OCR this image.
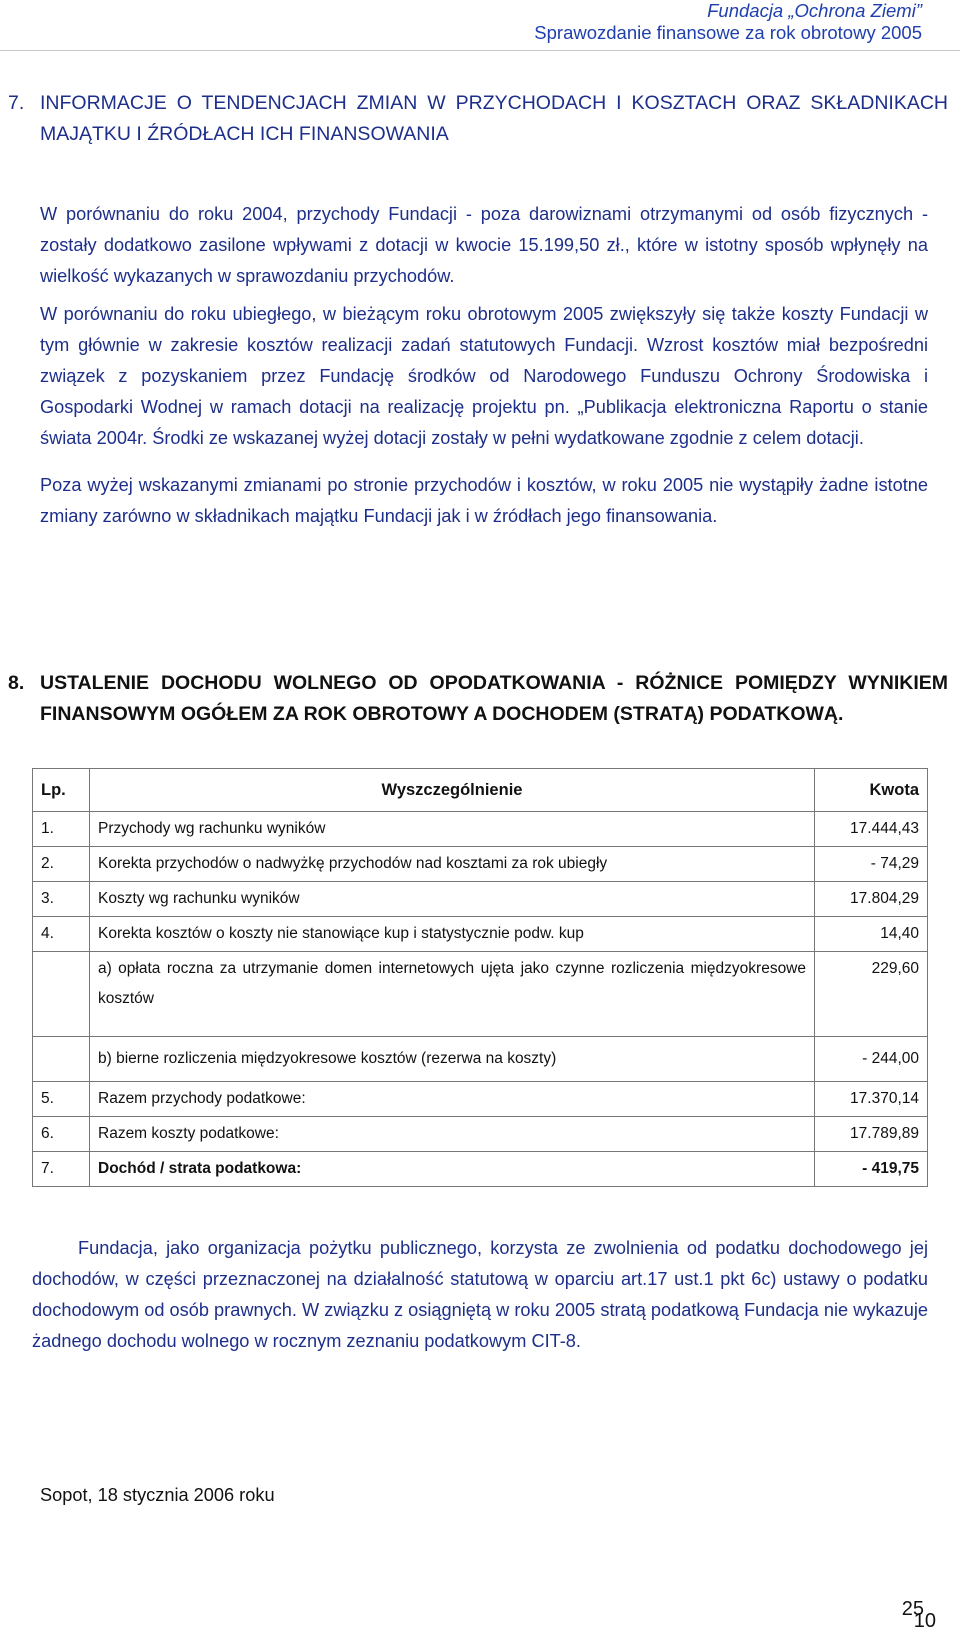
Fundacja „Ochrona Ziemi”
Sprawozdanie finansowe za rok obrotowy 2005
7. INFORMACJE O TENDENCJACH ZMIAN W PRZYCHODACH I KOSZTACH ORAZ SKŁADNIKACH MAJĄTKU I ŹRÓDŁACH ICH FINANSOWANIA
W porównaniu do roku 2004, przychody Fundacji - poza darowiznami otrzymanymi od osób fizycznych - zostały dodatkowo zasilone wpływami z dotacji w kwocie 15.199,50 zł., które w istotny sposób wpłynęły na wielkość wykazanych w sprawozdaniu przychodów.
W porównaniu do roku ubiegłego, w bieżącym roku obrotowym 2005 zwiększyły się także koszty Fundacji w tym głównie w zakresie kosztów realizacji zadań statutowych Fundacji. Wzrost kosztów miał bezpośredni związek z pozyskaniem przez Fundację środków od Narodowego Funduszu Ochrony Środowiska i Gospodarki Wodnej w ramach dotacji na realizację projektu pn. „Publikacja elektroniczna Raportu o stanie świata 2004r. Środki ze wskazanej wyżej dotacji zostały w pełni wydatkowane zgodnie z celem dotacji.
Poza wyżej wskazanymi zmianami po stronie przychodów i kosztów, w roku 2005 nie wystąpiły żadne istotne zmiany zarówno w składnikach majątku Fundacji jak i w źródłach jego finansowania.
8. USTALENIE DOCHODU WOLNEGO OD OPODATKOWANIA - RÓŻNICE POMIĘDZY WYNIKIEM FINANSOWYM OGÓŁEM ZA ROK OBROTOWY A DOCHODEM (STRATĄ) PODATKOWĄ.
Lp.	Wyszczególnienie	Kwota
1.	Przychody wg rachunku wyników	17.444,43
2.	Korekta przychodów o nadwyżkę przychodów nad kosztami za rok ubiegły	- 74,29
3.	Koszty wg rachunku wyników	17.804,29
4.	Korekta kosztów o koszty nie stanowiące kup i statystycznie podw. kup	14,40
	a) opłata roczna za utrzymanie domen internetowych ujęta jako czynne rozliczenia międzyokresowe kosztów	229,60
	b) bierne rozliczenia międzyokresowe kosztów (rezerwa na koszty)	- 244,00
5.	Razem przychody podatkowe:	17.370,14
6.	Razem koszty podatkowe:	17.789,89
7.	Dochód / strata podatkowa:	- 419,75
Fundacja, jako organizacja pożytku publicznego, korzysta ze zwolnienia od podatku dochodowego jej dochodów, w części przeznaczonej na działalność statutową w oparciu art.17 ust.1 pkt 6c) ustawy o podatku dochodowym od osób prawnych. W związku z osiągniętą w roku 2005 stratą podatkową Fundacja nie wykazuje żadnego dochodu wolnego w rocznym zeznaniu podatkowym CIT-8.
Sopot, 18 stycznia 2006 roku
25
10
